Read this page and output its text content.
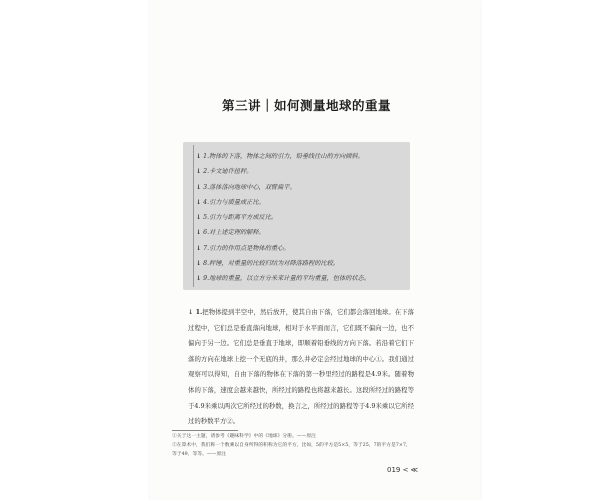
第三讲｜如何测量地球的重量
↓ 1.物体的下落，物体之间的引力，铅垂线往山的方向倾斜。
↓ 2.卡文迪许扭秤。
↓ 3.落体落向地球中心，双臂扁平。
↓ 4.引力与质量成正比。
↓ 5.引力与距离平方成反比。
↓ 6.对上述定理的解释。
↓ 7.引力的作用点是物体的重心。
↓ 8.秤锤，对重量的比较归结为对降落路程的比较。
↓ 9.地球的重量，以立方分米来计量的平均重量，恒体的状态。
↓ 1.把物体提到半空中，然后放开，使其自由下落，它们都会落回地球。在下落过程中，它们总是垂直落向地球，相对于水平面而言，它们既不偏向一边，也不偏向于另一边。它们总是垂直于地球，即顺着铅垂线的方向下落。若沿着它们下落的方向在地球上挖一个无底的井，那么井必定会经过地球的中心①。我们通过观察可以得知，自由下落的物体在下落的第一秒里经过的路程是4.9米。随着物体的下落，速度会越来越快，所经过的路程也将越来越长。这段所经过的路程等于4.9米乘以两次它所经过的秒数，换言之，所经过的路程等于4.9米乘以它所经过的秒数平方②。
①关于这一主题，请参考《趣味科学》中的《地球》分册。——原注
②在算术中，我们称一个数乘以自身所得的积称为它的平方，比如，5的平方是5×5，等于25，7的平方是7×7，等于49，等等。——原注
019 < ≪
